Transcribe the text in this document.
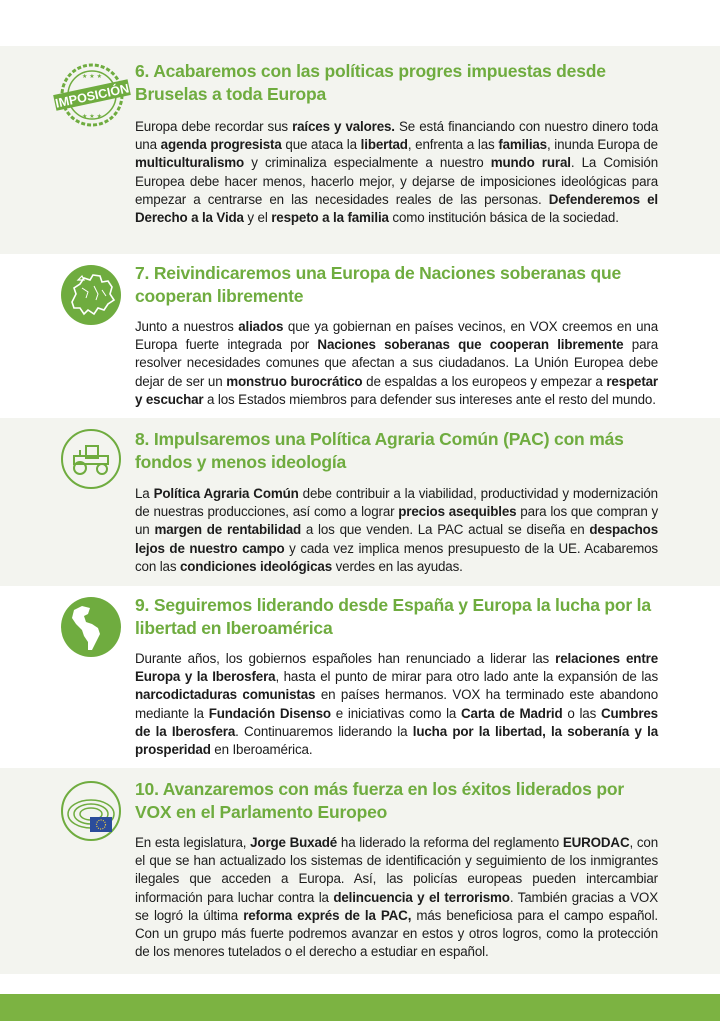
★ ★ ★
★ ★ ★
IMPOSICIÓN
6. Acabaremos con las políticas progres impuestas desde Bruselas a toda Europa

Europa debe recordar sus raíces y valores. Se está financiando con nuestro dinero toda una agenda progresista que ataca la libertad, enfrenta a las familias, inunda Europa de multiculturalismo y criminaliza especialmente a nuestro mundo rural. La Comisión Europea debe hacer menos, hacerlo mejor, y dejarse de imposiciones ideológicas para empezar a centrarse en las necesidades reales de las personas. Defenderemos el Derecho a la Vida y el respeto a la familia como institución básica de la sociedad.

7. Reivindicaremos una Europa de Naciones soberanas que cooperan libremente

Junto a nuestros aliados que ya gobiernan en países vecinos, en VOX creemos en una Europa fuerte integrada por Naciones soberanas que cooperan libremente para resolver necesidades comunes que afectan a sus ciudadanos. La Unión Europea debe dejar de ser un monstruo burocrático de espaldas a los europeos y empezar a respetar y escuchar a los Estados miembros para defender sus intereses ante el resto del mundo.

8. Impulsaremos una Política Agraria Común (PAC) con más fondos y menos ideología

La Política Agraria Común debe contribuir a la viabilidad, productividad y modernización de nuestras producciones, así como a lograr precios asequibles para los que compran y un margen de rentabilidad a los que venden. La PAC actual se diseña en despachos lejos de nuestro campo y cada vez implica menos presupuesto de la UE. Acabaremos con las condiciones ideológicas verdes en las ayudas.

9. Seguiremos liderando desde España y Europa la lucha por la libertad en Iberoamérica

Durante años, los gobiernos españoles han renunciado a liderar las relaciones entre Europa y la Iberosfera, hasta el punto de mirar para otro lado ante la expansión de las narcodictaduras comunistas en países hermanos. VOX ha terminado este abandono mediante la Fundación Disenso e iniciativas como la Carta de Madrid o las Cumbres de la Iberosfera. Continuaremos liderando la lucha por la libertad, la soberanía y la prosperidad en Iberoamérica.

10. Avanzaremos con más fuerza en los éxitos liderados por VOX en el Parlamento Europeo

En esta legislatura, Jorge Buxadé ha liderado la reforma del reglamento EURODAC, con el que se han actualizado los sistemas de identificación y seguimiento de los inmigrantes ilegales que acceden a Europa. Así, las policías europeas pueden intercambiar información para luchar contra la delincuencia y el terrorismo. También gracias a VOX se logró la última reforma exprés de la PAC, más beneficiosa para el campo español. Con un grupo más fuerte podremos avanzar en estos y otros logros, como la protección de los menores tutelados o el derecho a estudiar en español.
